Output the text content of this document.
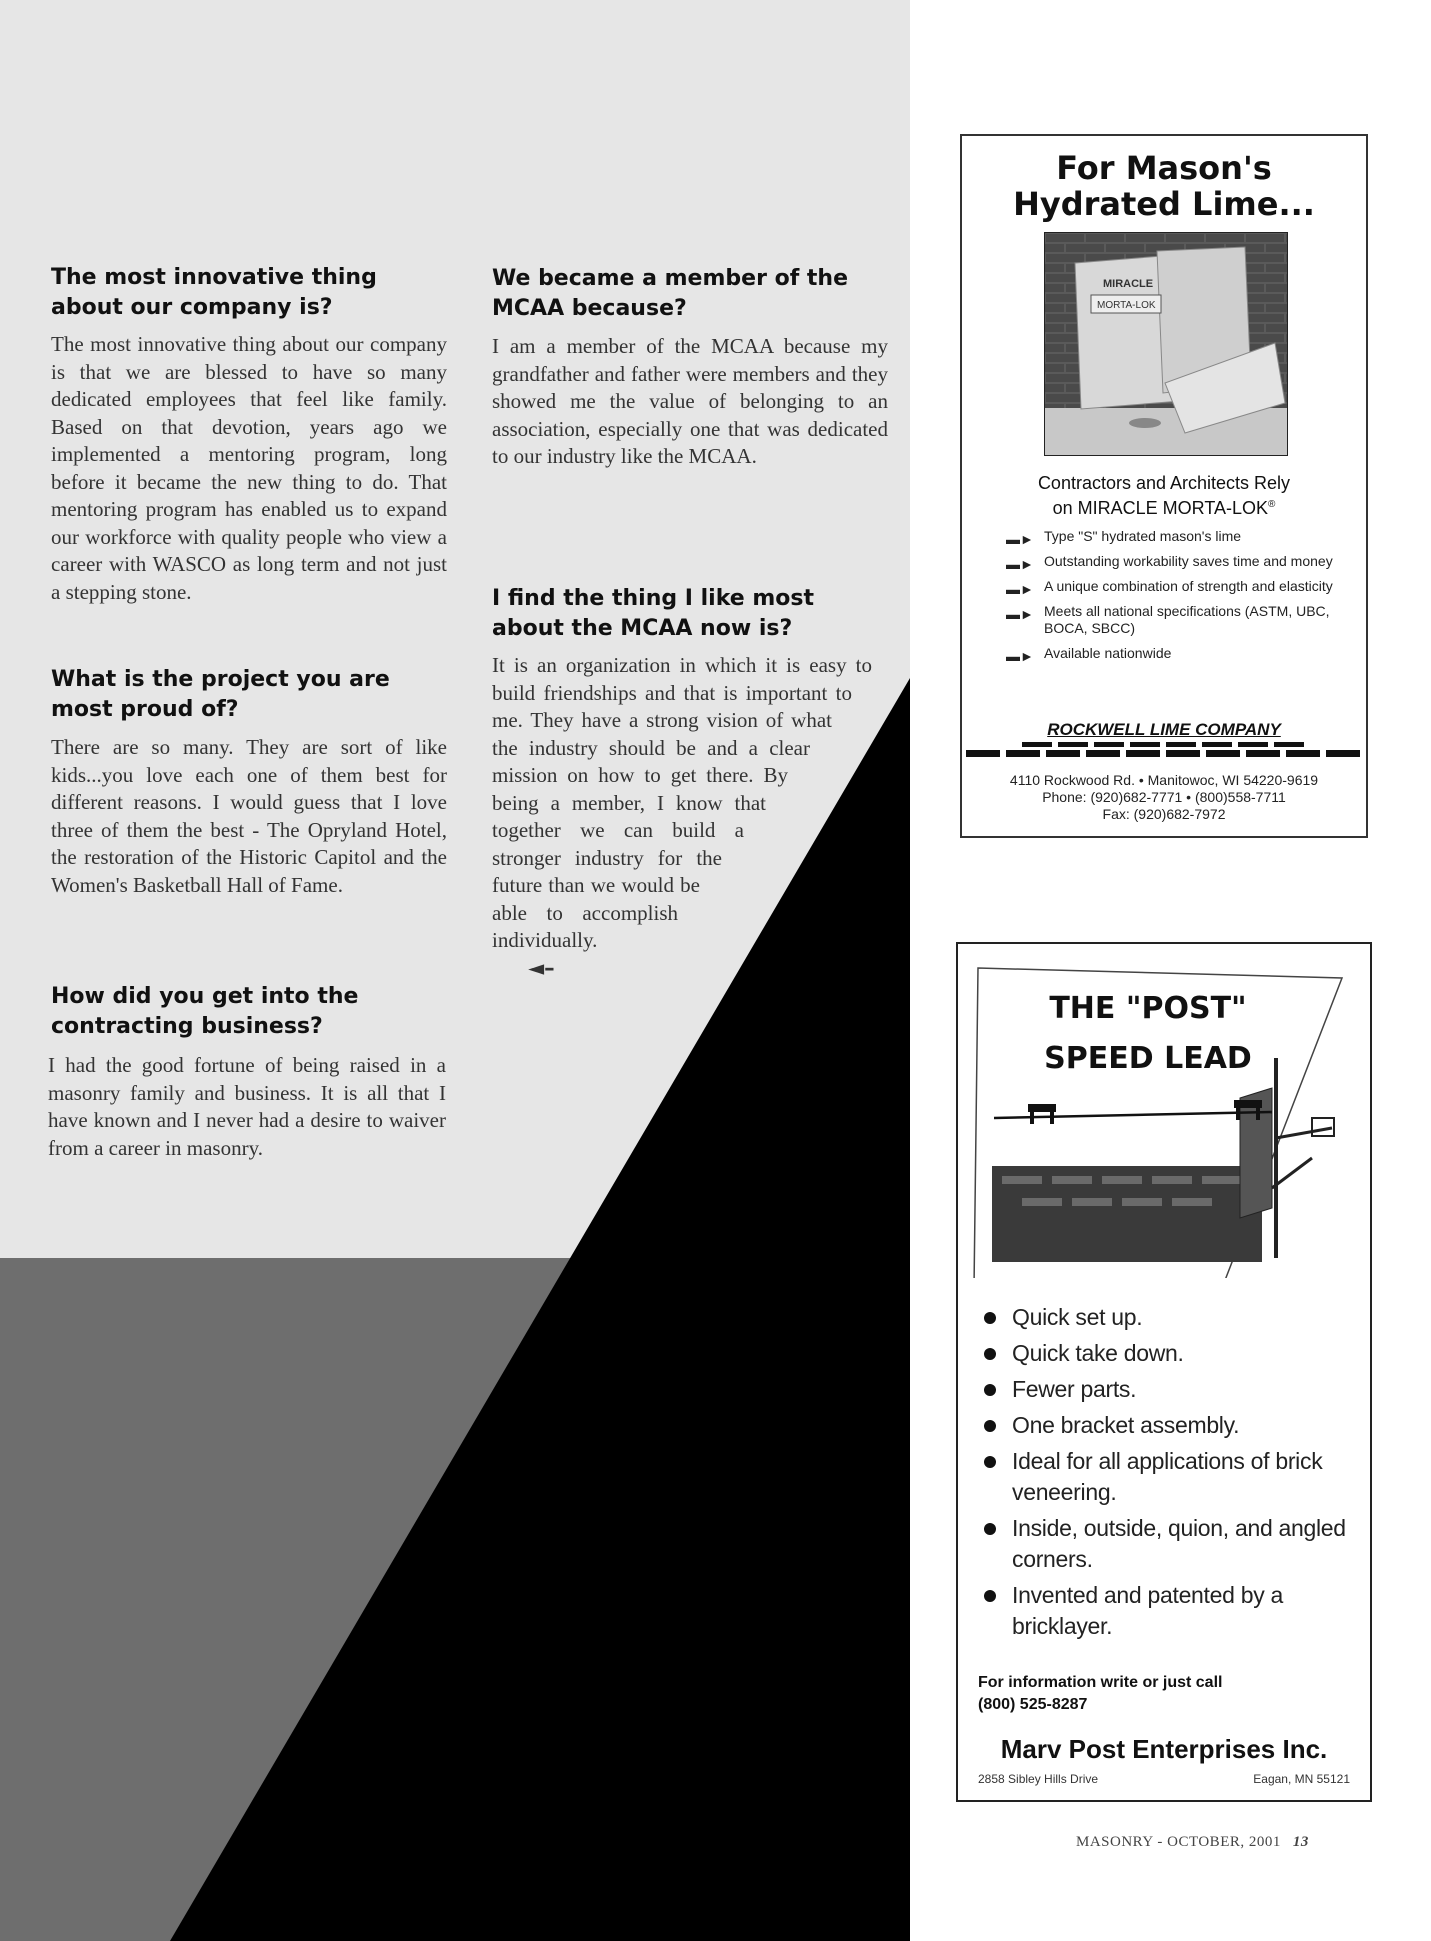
The most innovative thing about our company is?
The most innovative thing about our company is that we are blessed to have so many dedicated employees that feel like family. Based on that devotion, years ago we implemented a mentoring program, long before it became the new thing to do. That mentoring program has enabled us to expand our workforce with quality people who view a career with WASCO as long term and not just a stepping stone.
What is the project you are most proud of?
There are so many. They are sort of like kids...you love each one of them best for different reasons. I would guess that I love three of them the best - The Opryland Hotel, the restoration of the Historic Capitol and the Women's Basketball Hall of Fame.
How did you get into the contracting business?
I had the good fortune of being raised in a masonry family and business. It is all that I have known and I never had a desire to waiver from a career in masonry.
We became a member of the MCAA because?
I am a member of the MCAA because my grandfather and father were members and they showed me the value of belonging to an association, especially one that was dedicated to our industry like the MCAA.
I find the thing I like most about the MCAA now is?
It is an organization in which it is easy to build friendships and that is important to me. They have a strong vision of what the industry should be and a clear mission on how to get there. By being a member, I know that together we can build a stronger industry for the future than we would be able to accomplish individually. ◄–
For Mason's
Hydrated Lime...
MIRACLE
MORTA-LOK
Contractors and Architects Rely
on MIRACLE MORTA-LOK®
▬► Type "S" hydrated mason's lime
▬► Outstanding workability saves time and money
▬► A unique combination of strength and elasticity
▬► Meets all national specifications (ASTM, UBC, BOCA, SBCC)
▬► Available nationwide
ROCKWELL LIME COMPANY
4110 Rockwood Rd. • Manitowoc, WI 54220-9619
Phone: (920)682-7771 • (800)558-7711
Fax: (920)682-7972
THE "POST"
SPEED LEAD
Quick set up.
Quick take down.
Fewer parts.
One bracket assembly.
Ideal for all applications of brick veneering.
Inside, outside, quion, and angled corners.
Invented and patented by a bricklayer.
For information write or just call
(800) 525-8287
Marv Post Enterprises Inc.
2858 Sibley Hills Drive	Eagan, MN 55121
MASONRY - OCTOBER, 2001 13
